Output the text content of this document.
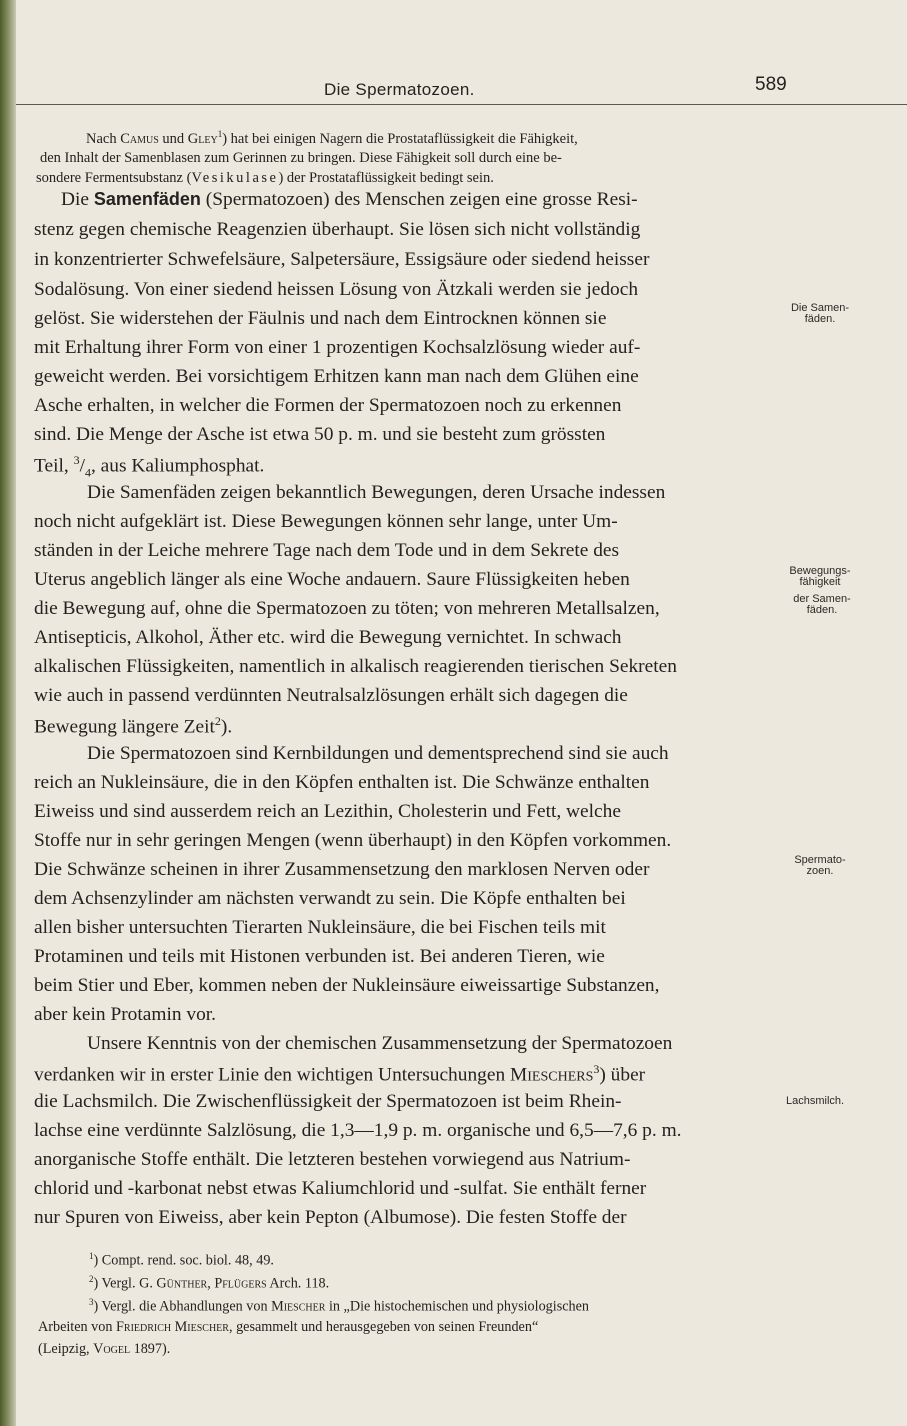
Die Spermatozoen.	589
Nach Camus und Gley$^1$) hat bei einigen Nagern die Prostataflüssigkeit die Fähigkeit,
den Inhalt der Samenblasen zum Gerinnen zu bringen. Diese Fähigkeit soll durch eine be-
sondere Fermentsubstanz (Vesikulase) der Prostataflüssigkeit bedingt sein.
Die Samenfäden (Spermatozoen) des Menschen zeigen eine grosse Resi-
stenz gegen chemische Reagenzien überhaupt. Sie lösen sich nicht vollständig
in konzentrierter Schwefelsäure, Salpetersäure, Essigsäure oder siedend heisser
Sodalösung. Von einer siedend heissen Lösung von Ätzkali werden sie jedoch
gelöst. Sie widerstehen der Fäulnis und nach dem Eintrocknen können sie
mit Erhaltung ihrer Form von einer 1 prozentigen Kochsalzlösung wieder auf-
geweicht werden. Bei vorsichtigem Erhitzen kann man nach dem Glühen eine
Asche erhalten, in welcher die Formen der Spermatozoen noch zu erkennen
sind. Die Menge der Asche ist etwa 50 p. m. und sie besteht zum grössten
Teil, $^3/_4$, aus Kaliumphosphat.
Die Samenfäden zeigen bekanntlich Bewegungen, deren Ursache indessen
noch nicht aufgeklärt ist. Diese Bewegungen können sehr lange, unter Um-
ständen in der Leiche mehrere Tage nach dem Tode und in dem Sekrete des
Uterus angeblich länger als eine Woche andauern. Saure Flüssigkeiten heben
die Bewegung auf, ohne die Spermatozoen zu töten; von mehreren Metallsalzen,
Antisepticis, Alkohol, Äther etc. wird die Bewegung vernichtet. In schwach
alkalischen Flüssigkeiten, namentlich in alkalisch reagierenden tierischen Sekreten
wie auch in passend verdünnten Neutralsalzlösungen erhält sich dagegen die
Bewegung längere Zeit$^2$).
Die Spermatozoen sind Kernbildungen und dementsprechend sind sie auch
reich an Nukleinsäure, die in den Köpfen enthalten ist. Die Schwänze enthalten
Eiweiss und sind ausserdem reich an Lezithin, Cholesterin und Fett, welche
Stoffe nur in sehr geringen Mengen (wenn überhaupt) in den Köpfen vorkommen.
Die Schwänze scheinen in ihrer Zusammensetzung den marklosen Nerven oder
dem Achsenzylinder am nächsten verwandt zu sein. Die Köpfe enthalten bei
allen bisher untersuchten Tierarten Nukleinsäure, die bei Fischen teils mit
Protaminen und teils mit Histonen verbunden ist. Bei anderen Tieren, wie
beim Stier und Eber, kommen neben der Nukleinsäure eiweissartige Substanzen,
aber kein Protamin vor.
Unsere Kenntnis von der chemischen Zusammensetzung der Spermatozoen
verdanken wir in erster Linie den wichtigen Untersuchungen Mieschers$^3$) über
die Lachsmilch. Die Zwischenflüssigkeit der Spermatozoen ist beim Rhein-
lachse eine verdünnte Salzlösung, die 1,3—1,9 p. m. organische und 6,5—7,6 p. m.
anorganische Stoffe enthält. Die letzteren bestehen vorwiegend aus Natrium-
chlorid und -karbonat nebst etwas Kaliumchlorid und -sulfat. Sie enthält ferner
nur Spuren von Eiweiss, aber kein Pepton (Albumose). Die festen Stoffe der
$^1$) Compt. rend. soc. biol. 48, 49.
$^2$) Vergl. G. Günther, Pflügers Arch. 118.
$^3$) Vergl. die Abhandlungen von Miescher in „Die histochemischen und physiologischen
Arbeiten von Friedrich Miescher, gesammelt und herausgegeben von seinen Freunden“
(Leipzig, Vogel 1897).
Die Samen-
fäden.
Bewegungs-
fähigkeit
der Samen-
fäden.
Spermato-
zoen.
Lachsmilch.
